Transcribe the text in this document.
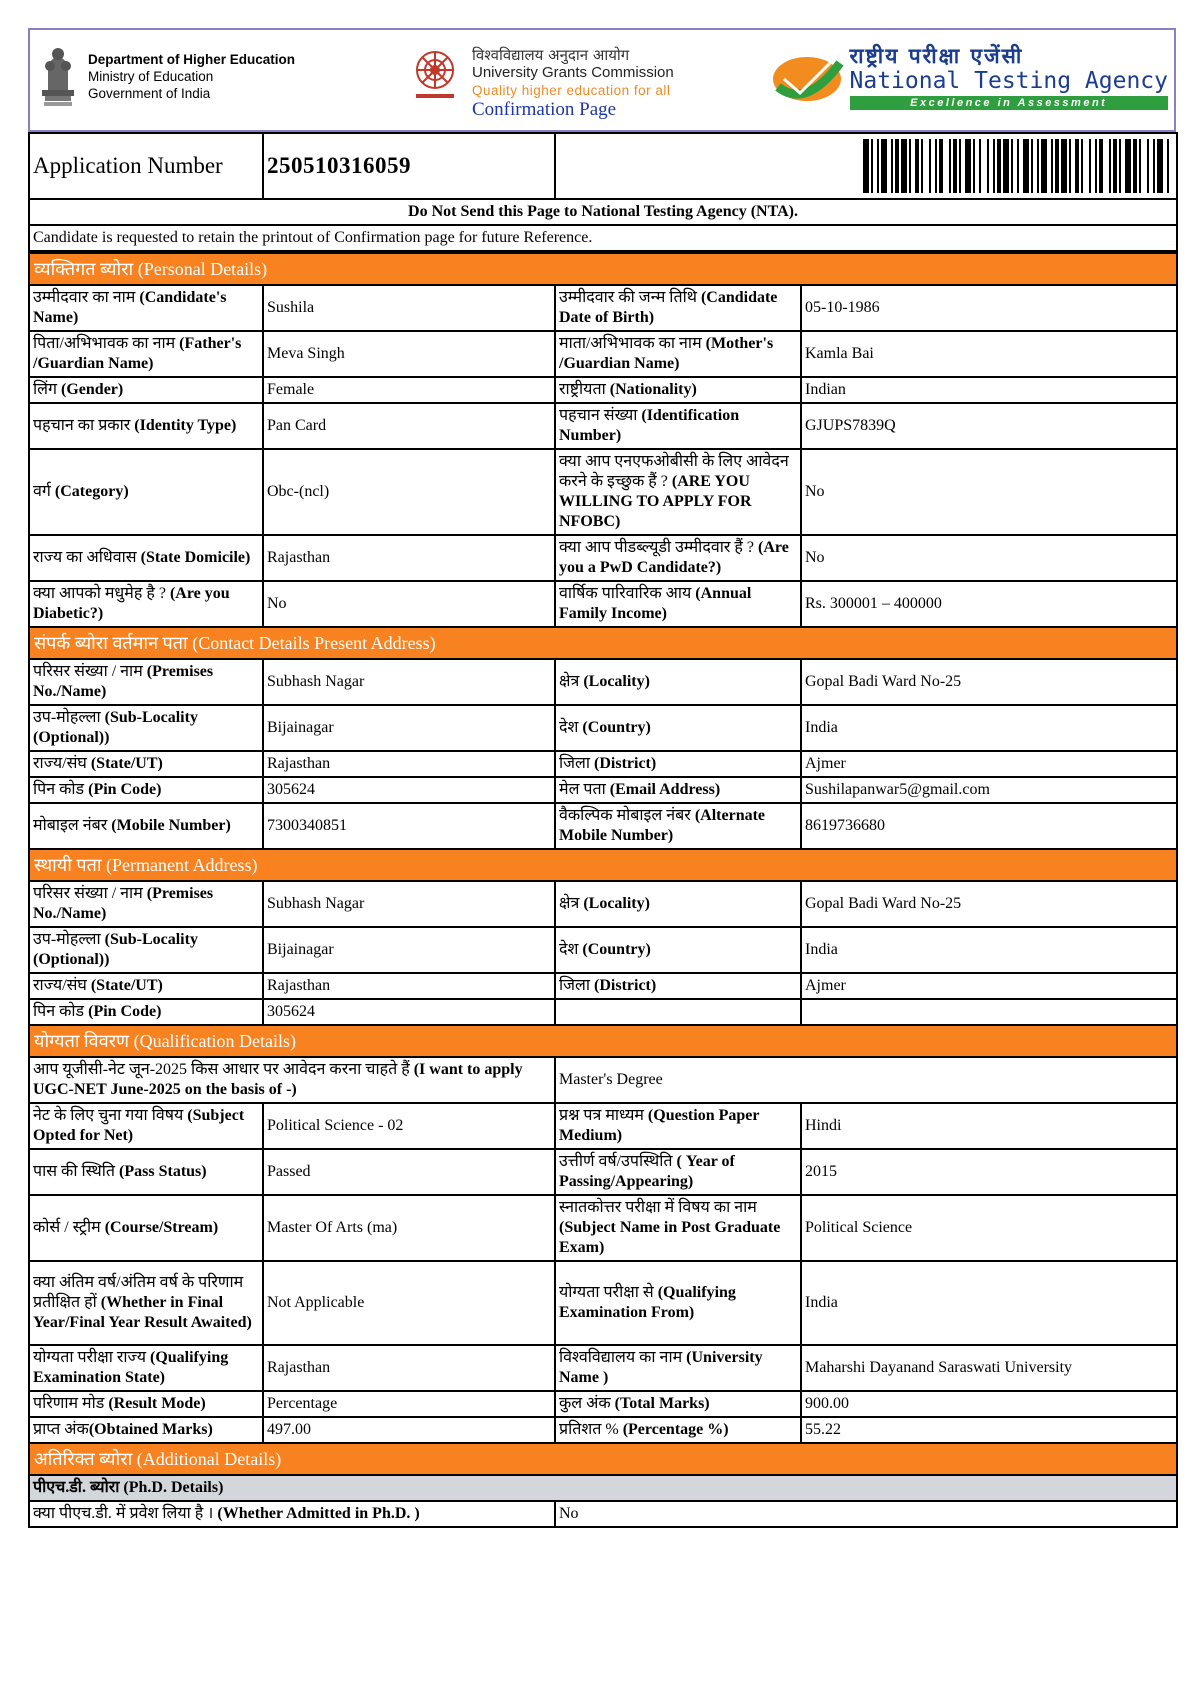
Department of Higher Education
Ministry of Education
Government of India
विश्वविद्यालय अनुदान आयोग
University Grants Commission
Quality higher education for all
Confirmation Page
राष्ट्रीय परीक्षा एजेंसी
National Testing Agency
Excellence in Assessment
Application Number	250510316059	

Do Not Send this Page to National Testing Agency (NTA).
Candidate is requested to retain the printout of Confirmation page for future Reference.
व्यक्तिगत ब्योरा (Personal Details)			
उम्मीदवार का नाम (Candidate's Name)	Sushila	उम्मीदवार की जन्म तिथि (Candidate Date of Birth)	05-10-1986
पिता/अभिभावक का नाम (Father's /Guardian Name)	Meva Singh	माता/अभिभावक का नाम (Mother's /Guardian Name)	Kamla Bai
लिंग (Gender)	Female	राष्ट्रीयता (Nationality)	Indian
पहचान का प्रकार (Identity Type)	Pan Card	पहचान संख्या (Identification Number)	GJUPS7839Q
वर्ग (Category)	Obc-(ncl)	क्या आप एनएफओबीसी के लिए आवेदन करने के इच्छुक हैं ? (ARE YOU WILLING TO APPLY FOR NFOBC)	No
राज्य का अधिवास (State Domicile)	Rajasthan	क्या आप पीडब्ल्यूडी उम्मीदवार हैं ? (Are you a PwD Candidate?)	No
क्या आपको मधुमेह है ? (Are you Diabetic?)	No	वार्षिक पारिवारिक आय (Annual Family Income)	Rs. 300001 – 400000
संपर्क ब्योरा वर्तमान पता (Contact Details Present Address)			
परिसर संख्या / नाम (Premises No./Name)	Subhash Nagar	क्षेत्र (Locality)	Gopal Badi Ward No-25
उप-मोहल्ला (Sub-Locality (Optional))	Bijainagar	देश (Country)	India
राज्य/संघ (State/UT)	Rajasthan	जिला (District)	Ajmer
पिन कोड (Pin Code)	305624	मेल पता (Email Address)	Sushilapanwar5@gmail.com
मोबाइल नंबर (Mobile Number)	7300340851	वैकल्पिक मोबाइल नंबर (Alternate Mobile Number)	8619736680
स्थायी पता (Permanent Address)			
परिसर संख्या / नाम (Premises No./Name)	Subhash Nagar	क्षेत्र (Locality)	Gopal Badi Ward No-25
उप-मोहल्ला (Sub-Locality (Optional))	Bijainagar	देश (Country)	India
राज्य/संघ (State/UT)	Rajasthan	जिला (District)	Ajmer
पिन कोड (Pin Code)	305624		
योग्यता विवरण (Qualification Details)			
आप यूजीसी-नेट जून-2025 किस आधार पर आवेदन करना चाहते हैं (I want to apply UGC-NET June-2025 on the basis of -)		Master's Degree	
नेट के लिए चुना गया विषय (Subject Opted for Net)	Political Science - 02	प्रश्न पत्र माध्यम (Question Paper Medium)	Hindi
पास की स्थिति (Pass Status)	Passed	उत्तीर्ण वर्ष/उपस्थिति ( Year of Passing/Appearing)	2015
कोर्स / स्ट्रीम (Course/Stream)	Master Of Arts (ma)	स्नातकोत्तर परीक्षा में विषय का नाम (Subject Name in Post Graduate Exam)	Political Science
क्या अंतिम वर्ष/अंतिम वर्ष के परिणाम प्रतीक्षित हों (Whether in Final Year/Final Year Result Awaited)	Not Applicable	योग्यता परीक्षा से (Qualifying Examination From)	India
योग्यता परीक्षा राज्य (Qualifying Examination State)	Rajasthan	विश्वविद्यालय का नाम (University Name )	Maharshi Dayanand Saraswati University
परिणाम मोड (Result Mode)	Percentage	कुल अंक (Total Marks)	900.00
प्राप्त अंक(Obtained Marks)	497.00	प्रतिशत % (Percentage %)	55.22
अतिरिक्त ब्योरा (Additional Details)			
पीएच.डी. ब्योरा (Ph.D. Details)			
क्या पीएच.डी. में प्रवेश लिया है । (Whether Admitted in Ph.D. )		No	
